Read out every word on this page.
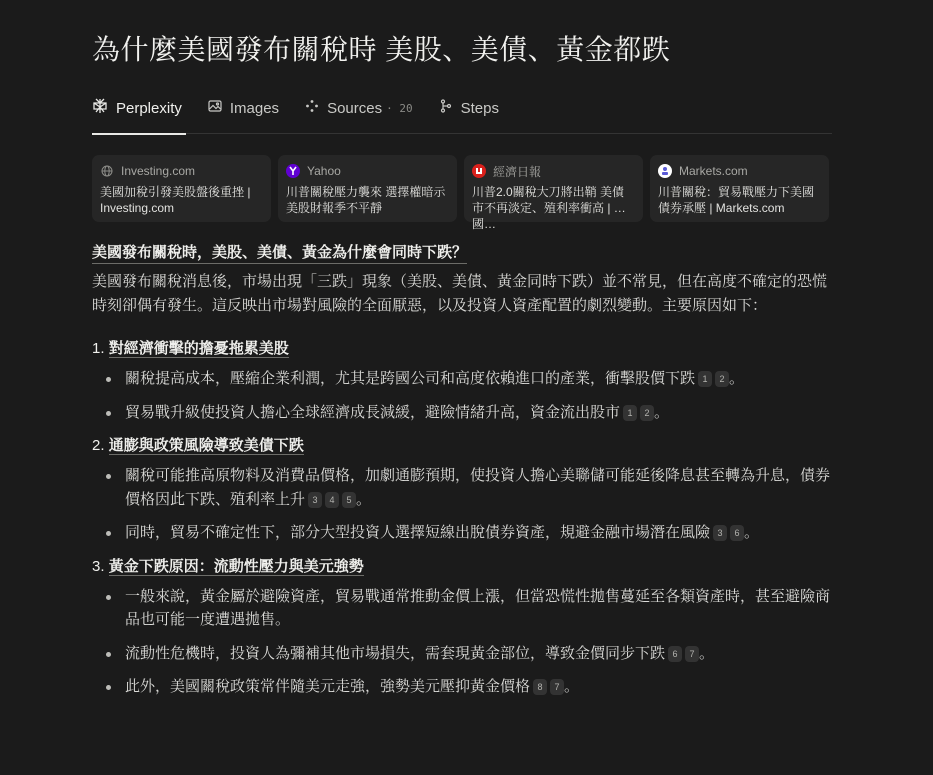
為什麼美國發布關稅時 美股、美債、黃金都跌
Perplexity	Images	Sources · 20	Steps
Investing.com
美國加稅引發美股盤後重挫 | Investing.com
Yahoo
川普關稅壓力襲來 選擇權暗示美股財報季不平靜
經濟日報
川普2.0關稅大刀將出鞘 美債市不再淡定、殖利率衝高 | 美國…
Markets.com
川普關稅：貿易戰壓力下美國債券承壓 | Markets.com
美國發布關稅時，美股、美債、黃金為什麼會同時下跌？

美國發布關稅消息後，市場出現「三跌」現象（美股、美債、黃金同時下跌）並不常見，但在高度不確定的恐慌時刻卻偶有發生。這反映出市場對風險的全面厭惡，以及投資人資產配置的劇烈變動。主要原因如下：

1. 對經濟衝擊的擔憂拖累美股
關稅提高成本，壓縮企業利潤，尤其是跨國公司和高度依賴進口的產業，衝擊股價下跌 1 2 。
貿易戰升級使投資人擔心全球經濟成長減緩，避險情緒升高，資金流出股市 1 2 。
2. 通膨與政策風險導致美債下跌
關稅可能推高原物料及消費品價格，加劇通膨預期，使投資人擔心美聯儲可能延後降息甚至轉為升息，債券價格因此下跌、殖利率上升 3 4 5 。
同時，貿易不確定性下，部分大型投資人選擇短線出脫債券資產，規避金融市場潛在風險 3 6 。
3. 黃金下跌原因：流動性壓力與美元強勢
一般來說，黃金屬於避險資產，貿易戰通常推動金價上漲，但當恐慌性拋售蔓延至各類資產時，甚至避險商品也可能一度遭遇拋售。
流動性危機時，投資人為彌補其他市場損失，需套現黃金部位，導致金價同步下跌 6 7 。
此外，美國關稅政策常伴隨美元走強，強勢美元壓抑黃金價格 8 7 。
